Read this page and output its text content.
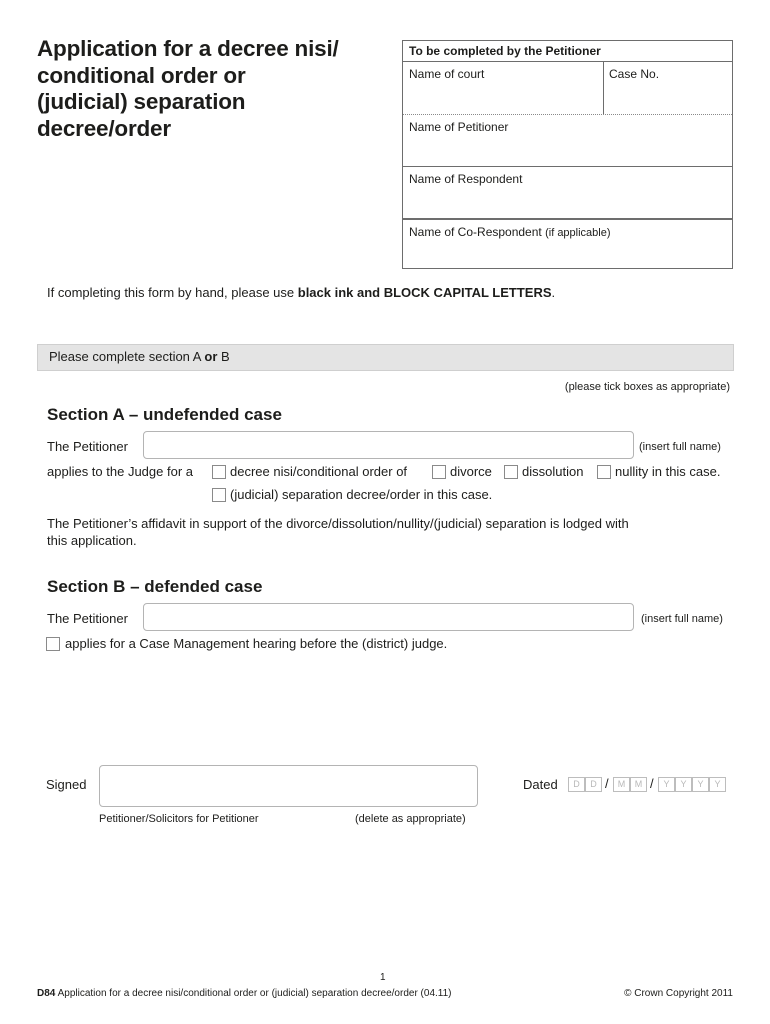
Application for a decree nisi/
conditional order or
(judicial) separation
decree/order
To be completed by the Petitioner
Name of court	Case No.
Name of Petitioner
Name of Respondent
Name of Co-Respondent (if applicable)
If completing this form by hand, please use black ink and BLOCK CAPITAL LETTERS.
Please complete section A or B
(please tick boxes as appropriate)
Section A – undefended case
The Petitioner	(insert full name)
applies to the Judge for a	decree nisi/conditional order of	divorce dissolution nullity in this case.
(judicial) separation decree/order in this case.
The Petitioner’s affidavit in support of the divorce/dissolution/nullity/(judicial) separation is lodged with
this application.
Section B – defended case
The Petitioner	(insert full name)
applies for a Case Management hearing before the (district) judge.
Signed
Petitioner/Solicitors for Petitioner	(delete as appropriate)
Dated	D	D /	M	M /	Y	Y	Y	Y
1
D84 Application for a decree nisi/conditional order or (judicial) separation decree/order (04.11)	© Crown Copyright 2011
